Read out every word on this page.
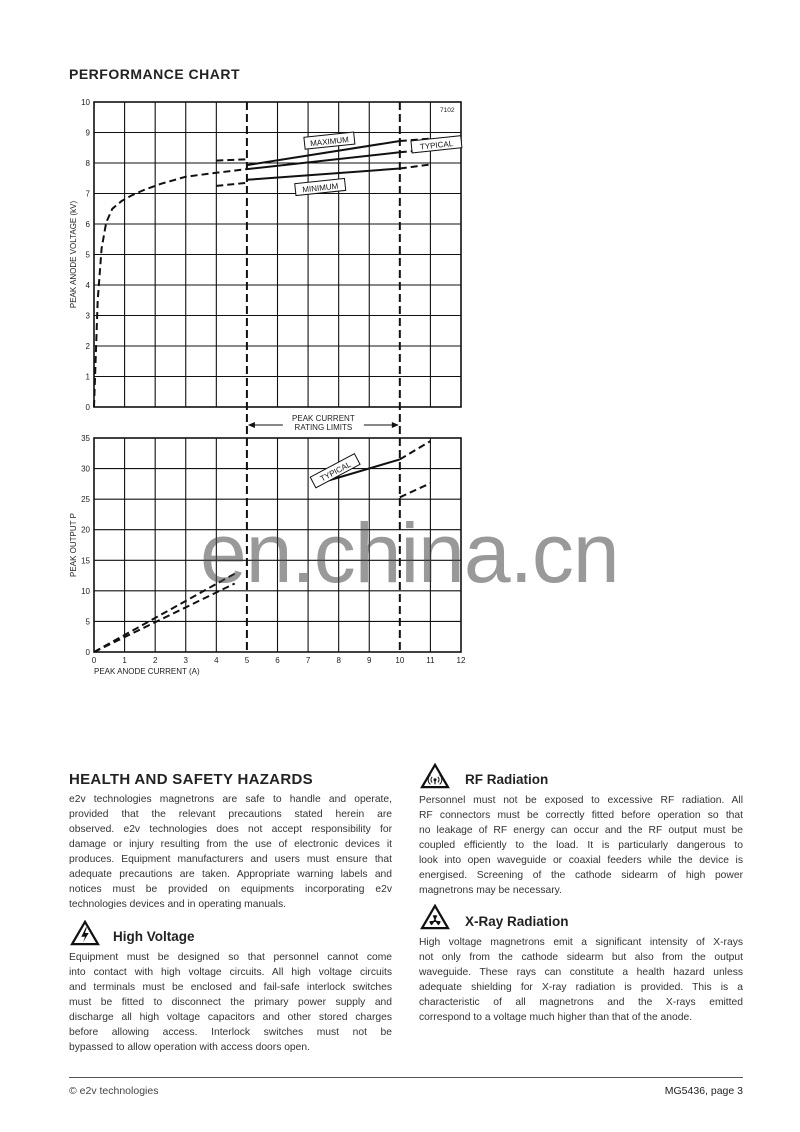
PERFORMANCE CHART
0
1
2
3
4
5
6
7
8
9
10
PEAK ANODE VOLTAGE (kV)
0
5
10
15
20
25
30
35
PEAK OUTPUT P
7102
PEAK CURRENT
RATING LIMITS
MAXIMUM	TYPICAL
MINIMUM
TYPICAL
0	1	2	3	4	5	6	7	8	9	10	11	12
PEAK ANODE CURRENT (A)
HEALTH AND SAFETY HAZARDS
e2v technologies magnetrons are safe to handle and operate,
provided that the relevant precautions stated herein are
observed. e2v technologies does not accept responsibility for
damage or injury resulting from the use of electronic devices it
produces. Equipment manufacturers and users must ensure that
adequate precautions are taken. Appropriate warning labels and
notices must be provided on equipments incorporating e2v
technologies devices and in operating manuals.
High Voltage
Equipment must be designed so that personnel cannot come
into contact with high voltage circuits. All high voltage circuits
and terminals must be enclosed and fail-safe interlock switches
must be fitted to disconnect the primary power supply and
discharge all high voltage capacitors and other stored charges
before allowing access. Interlock switches must not be
bypassed to allow operation with access doors open.
RF Radiation
Personnel must not be exposed to excessive RF radiation. All
RF connectors must be correctly fitted before operation so that
no leakage of RF energy can occur and the RF output must be
coupled efficiently to the load. It is particularly dangerous to
look into open waveguide or coaxial feeders while the device is
energised. Screening of the cathode sidearm of high power
magnetrons may be necessary.
X-Ray Radiation
High voltage magnetrons emit a significant intensity of X-rays
not only from the cathode sidearm but also from the output
waveguide. These rays can constitute a health hazard unless
adequate shielding for X-ray radiation is provided. This is a
characteristic of all magnetrons and the X-rays emitted
correspond to a voltage much higher than that of the anode.
© e2v technologies	MG5436, page 3
en.china.cn
